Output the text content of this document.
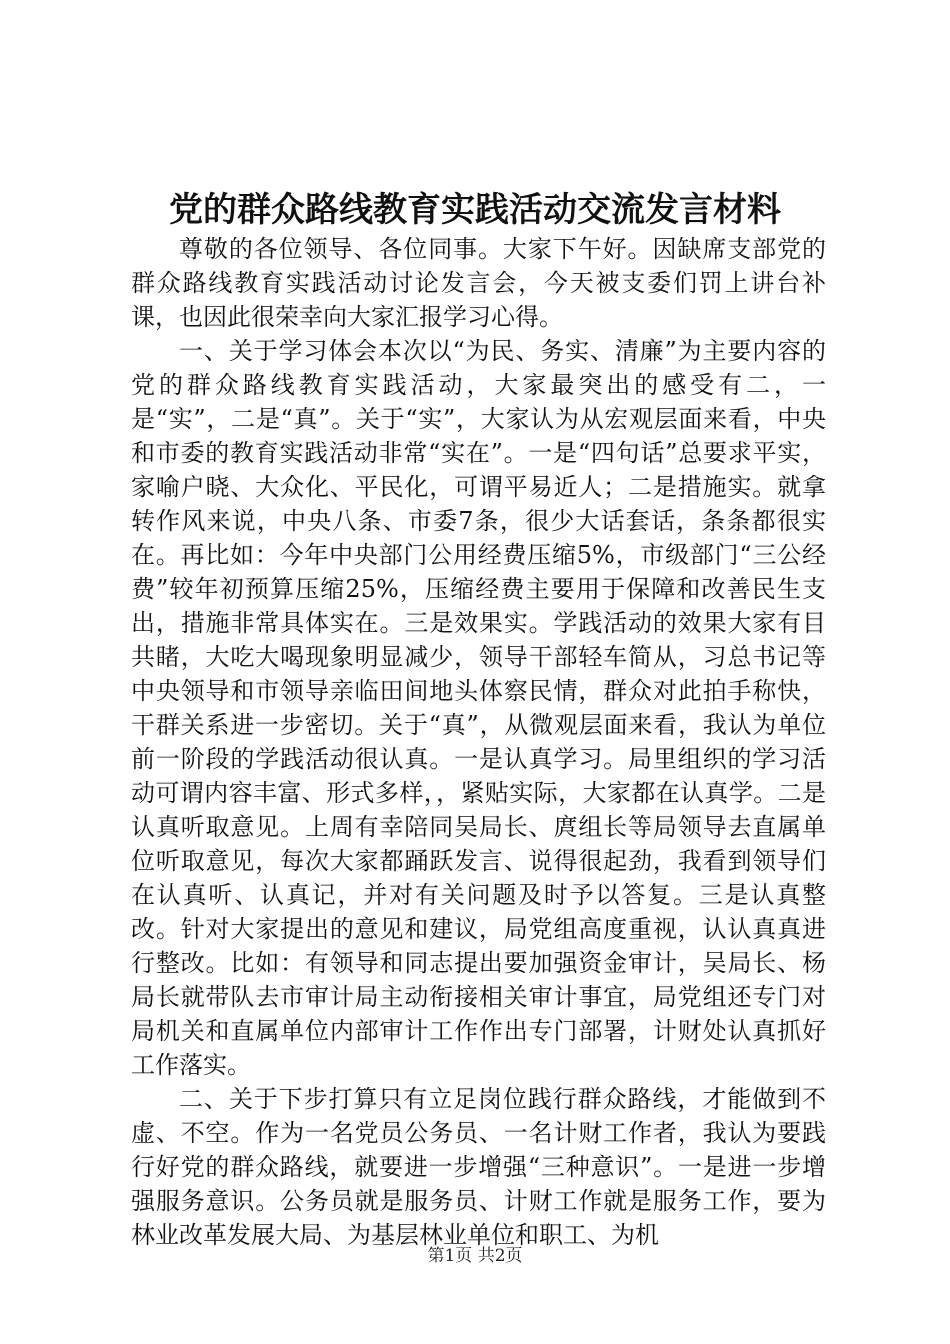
党的群众路线教育实践活动交流发言材料

尊敬的各位领导、各位同事。大家下午好。因缺席支部党的群众路线教育实践活动讨论发言会，今天被支委们罚上讲台补课，也因此很荣幸向大家汇报学习心得。

一、关于学习体会本次以“为民、务实、清廉”为主要内容的党的群众路线教育实践活动，大家最突出的感受有二，一是“实”，二是“真”。关于“实”，大家认为从宏观层面来看，中央和市委的教育实践活动非常“实在”。一是“四句话”总要求平实，家喻户晓、大众化、平民化，可谓平易近人；二是措施实。就拿转作风来说，中央八条、市委7条，很少大话套话，条条都很实在。再比如：今年中央部门公用经费压缩5%，市级部门“三公经费”较年初预算压缩25%，压缩经费主要用于保障和改善民生支出，措施非常具体实在。三是效果实。学践活动的效果大家有目共睹，大吃大喝现象明显减少，领导干部轻车简从，习总书记等中央领导和市领导亲临田间地头体察民情，群众对此拍手称快，干群关系进一步密切。关于“真”，从微观层面来看，我认为单位前一阶段的学践活动很认真。一是认真学习。局里组织的学习活动可谓内容丰富、形式多样，，紧贴实际，大家都在认真学。二是认真听取意见。上周有幸陪同吴局长、庹组长等局领导去直属单位听取意见，每次大家都踊跃发言、说得很起劲，我看到领导们在认真听、认真记，并对有关问题及时予以答复。三是认真整改。针对大家提出的意见和建议，局党组高度重视，认认真真进行整改。比如：有领导和同志提出要加强资金审计，吴局长、杨局长就带队去市审计局主动衔接相关审计事宜，局党组还专门对局机关和直属单位内部审计工作作出专门部署，计财处认真抓好工作落实。

二、关于下步打算只有立足岗位践行群众路线，才能做到不虚、不空。作为一名党员公务员、一名计财工作者，我认为要践行好党的群众路线，就要进一步增强“三种意识”。一是进一步增强服务意识。公务员就是服务员、计财工作就是服务工作，要为林业改革发展大局、为基层林业单位和职工、为机

第1页 共2页
